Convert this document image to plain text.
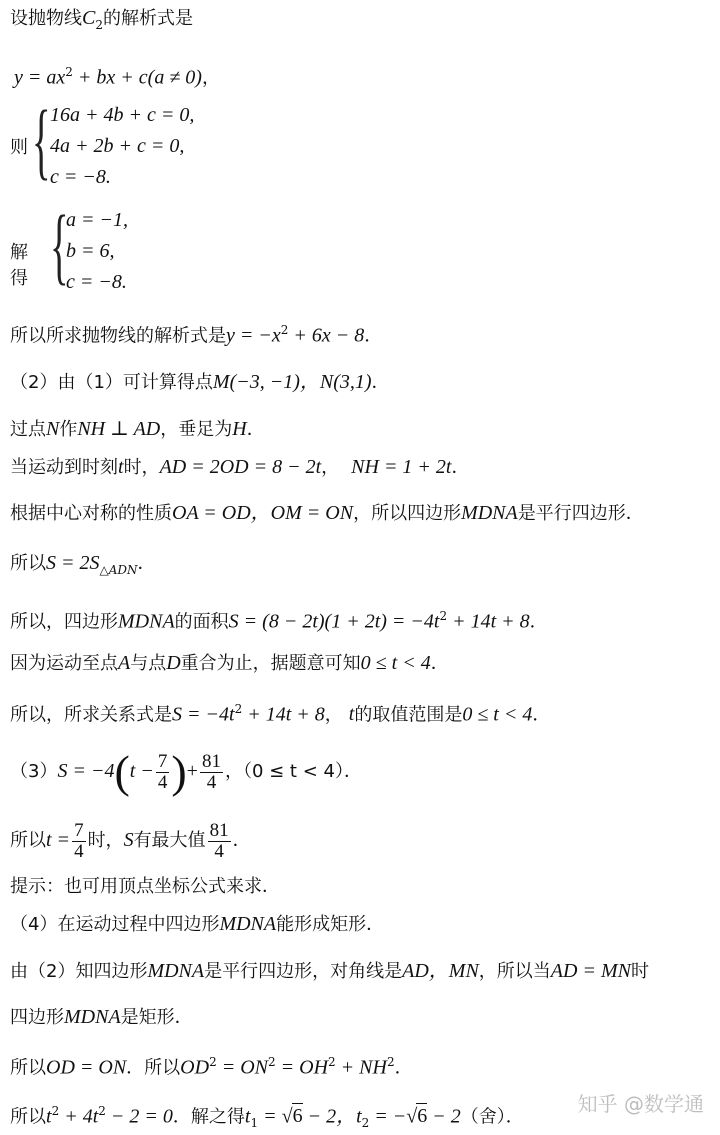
设抛物线$C_2$的解析式是
$y = ax^2$ + bx + c(a ≠ 0)，
则 { 16a + 4b + c = 0,
4a + 2b + c = 0,
c = −8.
解得 {
a = −1,
b = 6,
c = −8.
所以所求抛物线的解析式是$y = -x^2 + 6x - 8$．
（2）由（1）可计算得点M(−3, −1)，N(3,1)．
过点N作NH ⊥ AD，垂足为H．
当运动到时刻t时，AD = 2OD = 8 − 2t， NH = 1 + 2t．
根据中心对称的性质OA = OD，OM = ON，所以四边形MDNA是平行四边形．
所以$S = 2S_{\triangle ADN}$．
所以，四边形MDNA的面积$S = (8 - 2t)(1 + 2t) = -4t^2 + 14t + 8$．
因为运动至点A与点D重合为止，据题意可知0 ≤ t < 4．
所以，所求关系式是$S = -4t^2 + 14t + 8$， t的取值范围是0 ≤ t < 4．
$(3)S = -4(t - \frac{7}{4}$ )+ $\frac{81}{4}$ ，（0 ≤ t < 4）．
所以$t = \frac{7}{4}$ 时，S有最大值 $\frac{81}{4}$ ．
提示：也可用顶点坐标公式来求．
（4）在运动过程中四边形MDNA能形成矩形．
由（2）知四边形MDNA是平行四边形，对角线是AD，MN，所以当AD = MN时
四边形MDNA是矩形．
所以OD = ON．所以$OD^2 = ON^2 = OH^2 + NH^2$．
所以$t^2 + 4t^2 - 2 = 0$．解之得$t_1 = √6 - 2$，$t_2 = -√6 - 2$（舍）．
知乎 @数学通
